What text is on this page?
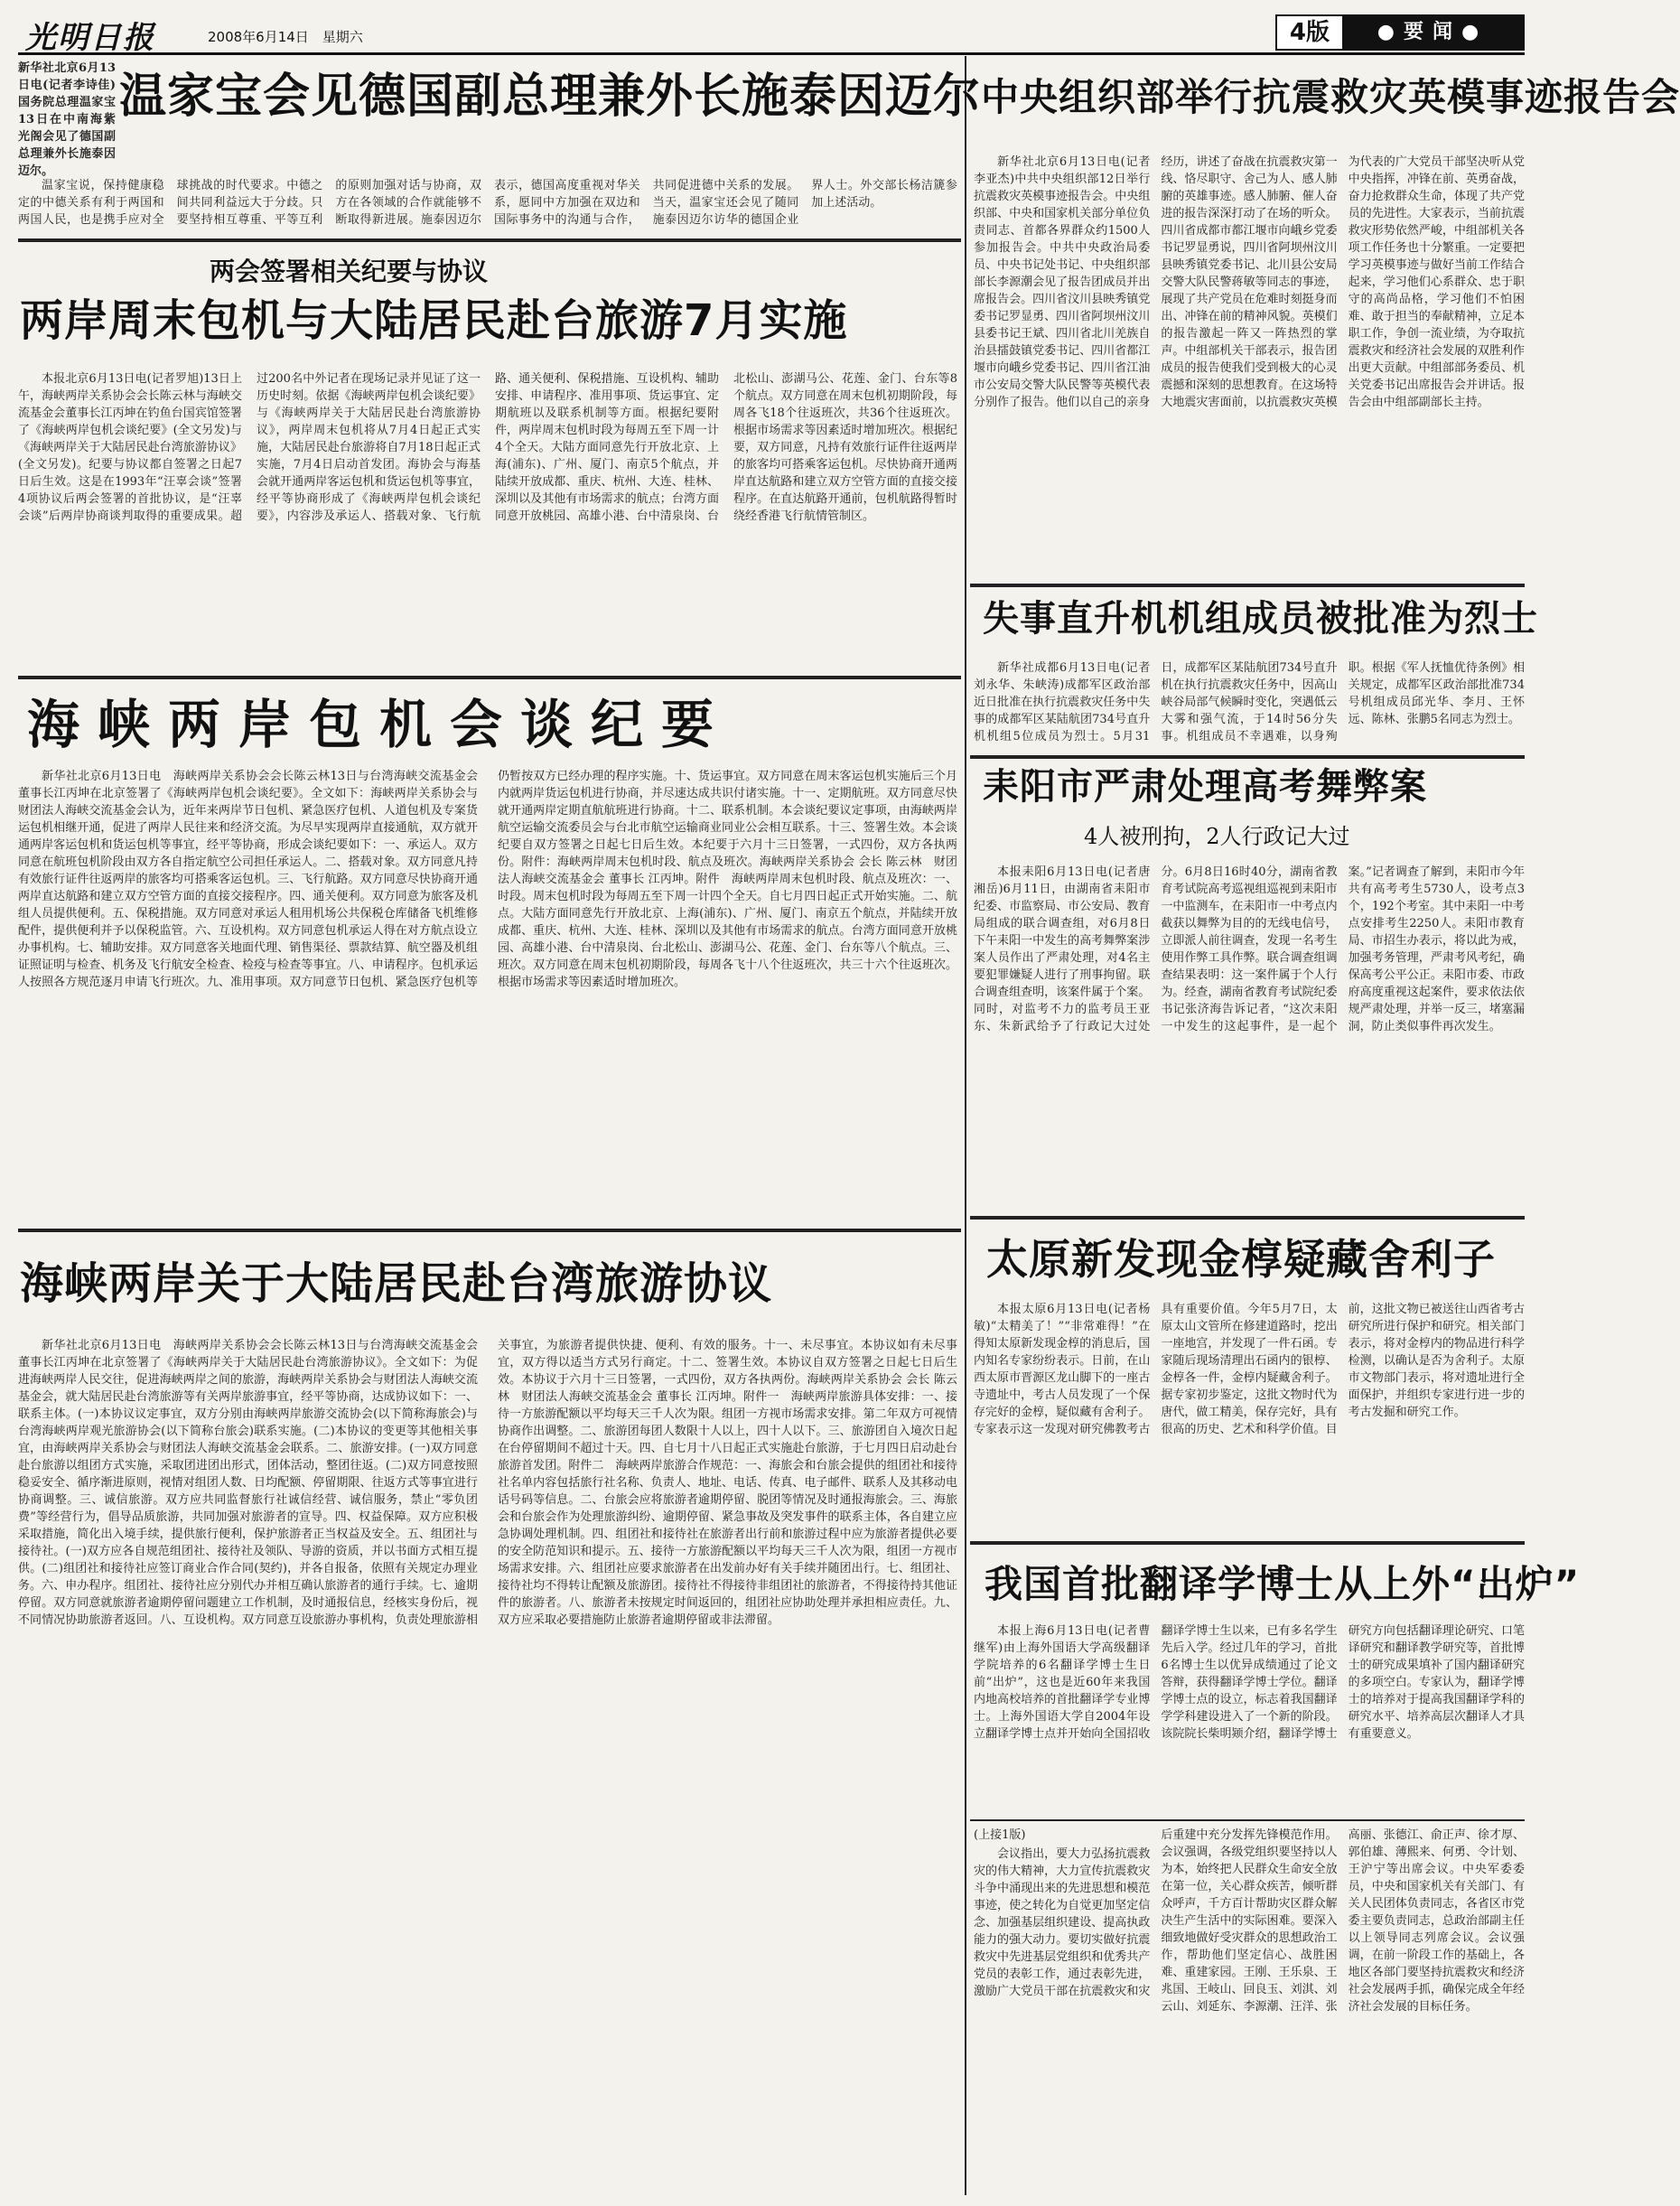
光明日报	2008年6月14日　星期六	4版	●要闻●
温家宝会见德国副总理兼外长施泰因迈尔

新华社北京6月13日电(记者李诗佳)国务院总理温家宝13日在中南海紫光阁会见了德国副总理兼外长施泰因迈尔。

温家宝说，保持健康稳定的中德关系有利于两国和两国人民，也是携手应对全球挑战的时代要求。中德之间共同利益远大于分歧。只要坚持相互尊重、平等互利的原则加强对话与协商，双方在各领域的合作就能够不断取得新进展。施泰因迈尔表示，德国高度重视对华关系，愿同中方加强在双边和国际事务中的沟通与合作，共同促进德中关系的发展。当天，温家宝还会见了随同施泰因迈尔访华的德国企业界人士。外交部长杨洁篪参加上述活动。

两会签署相关纪要与协议
两岸周末包机与大陆居民赴台旅游7月实施

本报北京6月13日电(记者罗旭)13日上午，海峡两岸关系协会会长陈云林与海峡交流基金会董事长江丙坤在钓鱼台国宾馆签署了《海峡两岸包机会谈纪要》(全文另发)与《海峡两岸关于大陆居民赴台湾旅游协议》(全文另发)。纪要与协议都自签署之日起7日后生效。这是在1993年“汪辜会谈”签署4项协议后两会签署的首批协议，是“汪辜会谈”后两岸协商谈判取得的重要成果。超过200名中外记者在现场记录并见证了这一历史时刻。依据《海峡两岸包机会谈纪要》与《海峡两岸关于大陆居民赴台湾旅游协议》，两岸周末包机将从7月4日起正式实施，大陆居民赴台旅游将自7月18日起正式实施，7月4日启动首发团。海协会与海基会就开通两岸客运包机和货运包机等事宜，经平等协商形成了《海峡两岸包机会谈纪要》，内容涉及承运人、搭载对象、飞行航路、通关便利、保税措施、互设机构、辅助安排、申请程序、准用事项、货运事宜、定期航班以及联系机制等方面。根据纪要附件，两岸周末包机时段为每周五至下周一计4个全天。大陆方面同意先行开放北京、上海(浦东)、广州、厦门、南京5个航点，并陆续开放成都、重庆、杭州、大连、桂林、深圳以及其他有市场需求的航点；台湾方面同意开放桃园、高雄小港、台中清泉岗、台北松山、澎湖马公、花莲、金门、台东等8个航点。双方同意在周末包机初期阶段，每周各飞18个往返班次，共36个往返班次。根据市场需求等因素适时增加班次。根据纪要，双方同意，凡持有效旅行证件往返两岸的旅客均可搭乘客运包机。尽快协商开通两岸直达航路和建立双方空管方面的直接交接程序。在直达航路开通前，包机航路得暂时绕经香港飞行航情管制区。

海峡两岸包机会谈纪要

新华社北京6月13日电　海峡两岸关系协会会长陈云林13日与台湾海峡交流基金会董事长江丙坤在北京签署了《海峡两岸包机会谈纪要》。全文如下：海峡两岸关系协会与财团法人海峡交流基金会认为，近年来两岸节日包机、紧急医疗包机、人道包机及专案货运包机相继开通，促进了两岸人民往来和经济交流。为尽早实现两岸直接通航，双方就开通两岸客运包机和货运包机等事宜，经平等协商，形成会谈纪要如下：一、承运人。双方同意在航班包机阶段由双方各自指定航空公司担任承运人。二、搭载对象。双方同意凡持有效旅行证件往返两岸的旅客均可搭乘客运包机。三、飞行航路。双方同意尽快协商开通两岸直达航路和建立双方空管方面的直接交接程序。四、通关便利。双方同意为旅客及机组人员提供便利。五、保税措施。双方同意对承运人租用机场公共保税仓库储备飞机维修配件，提供便利并予以保税监管。六、互设机构。双方同意包机承运人得在对方航点设立办事机构。七、辅助安排。双方同意客关地面代理、销售渠径、票款结算、航空器及机组证照证明与检查、机务及飞行航安全检查、检疫与检查等事宜。八、申请程序。包机承运人按照各方规范逐月申请飞行班次。九、准用事项。双方同意节日包机、紧急医疗包机等仍暂按双方已经办理的程序实施。十、货运事宜。双方同意在周末客运包机实施后三个月内就两岸货运包机进行协商，并尽速达成共识付诸实施。十一、定期航班。双方同意尽快就开通两岸定期直航航班进行协商。十二、联系机制。本会谈纪要议定事项，由海峡两岸航空运输交流委员会与台北市航空运输商业同业公会相互联系。十三、签署生效。本会谈纪要自双方签署之日起七日后生效。本纪要于六月十三日签署，一式四份，双方各执两份。附件：海峡两岸周末包机时段、航点及班次。海峡两岸关系协会 会长 陈云林　财团法人海峡交流基金会 董事长 江丙坤。附件　海峡两岸周末包机时段、航点及班次：一、时段。周末包机时段为每周五至下周一计四个全天。自七月四日起正式开始实施。二、航点。大陆方面同意先行开放北京、上海(浦东)、广州、厦门、南京五个航点，并陆续开放成都、重庆、杭州、大连、桂林、深圳以及其他有市场需求的航点。台湾方面同意开放桃园、高雄小港、台中清泉岗、台北松山、澎湖马公、花莲、金门、台东等八个航点。三、班次。双方同意在周末包机初期阶段，每周各飞十八个往返班次，共三十六个往返班次。根据市场需求等因素适时增加班次。

海峡两岸关于大陆居民赴台湾旅游协议

新华社北京6月13日电　海峡两岸关系协会会长陈云林13日与台湾海峡交流基金会董事长江丙坤在北京签署了《海峡两岸关于大陆居民赴台湾旅游协议》。全文如下：为促进海峡两岸人民交往，促进海峡两岸之间的旅游，海峡两岸关系协会与财团法人海峡交流基金会，就大陆居民赴台湾旅游等有关两岸旅游事宜，经平等协商，达成协议如下：一、联系主体。(一)本协议议定事宜，双方分别由海峡两岸旅游交流协会(以下简称海旅会)与台湾海峡两岸观光旅游协会(以下简称台旅会)联系实施。(二)本协议的变更等其他相关事宜，由海峡两岸关系协会与财团法人海峡交流基金会联系。二、旅游安排。(一)双方同意赴台旅游以组团方式实施，采取团进团出形式，团体活动，整团往返。(二)双方同意按照稳妥安全、循序渐进原则，视情对组团人数、日均配额、停留期限、往返方式等事宜进行协商调整。三、诚信旅游。双方应共同监督旅行社诚信经营、诚信服务，禁止“零负团费”等经营行为，倡导品质旅游，共同加强对旅游者的宣导。四、权益保障。双方应积极采取措施，简化出入境手续，提供旅行便利，保护旅游者正当权益及安全。五、组团社与接待社。(一)双方应各自规范组团社、接待社及领队、导游的资质，并以书面方式相互提供。(二)组团社和接待社应签订商业合作合同(契约)，并各自报备，依照有关规定办理业务。六、申办程序。组团社、接待社应分别代办并相互确认旅游者的通行手续。七、逾期停留。双方同意就旅游者逾期停留问题建立工作机制，及时通报信息，经核实身份后，视不同情况协助旅游者返回。八、互设机构。双方同意互设旅游办事机构，负责处理旅游相关事宜，为旅游者提供快捷、便利、有效的服务。十一、未尽事宜。本协议如有未尽事宜，双方得以适当方式另行商定。十二、签署生效。本协议自双方签署之日起七日后生效。本协议于六月十三日签署，一式四份，双方各执两份。海峡两岸关系协会 会长 陈云林　财团法人海峡交流基金会 董事长 江丙坤。附件一　海峡两岸旅游具体安排：一、接待一方旅游配额以平均每天三千人次为限。组团一方视市场需求安排。第二年双方可视情协商作出调整。二、旅游团每团人数限十人以上，四十人以下。三、旅游团自入境次日起在台停留期间不超过十天。四、自七月十八日起正式实施赴台旅游，于七月四日启动赴台旅游首发团。附件二　海峡两岸旅游合作规范：一、海旅会和台旅会提供的组团社和接待社名单内容包括旅行社名称、负责人、地址、电话、传真、电子邮件、联系人及其移动电话号码等信息。二、台旅会应将旅游者逾期停留、脱团等情况及时通报海旅会。三、海旅会和台旅会作为处理旅游纠纷、逾期停留、紧急事故及突发事件的联系主体，各自建立应急协调处理机制。四、组团社和接待社在旅游者出行前和旅游过程中应为旅游者提供必要的安全防范知识和提示。五、接待一方旅游配额以平均每天三千人次为限，组团一方视市场需求安排。六、组团社应要求旅游者在出发前办好有关手续并随团出行。七、组团社、接待社均不得转让配额及旅游团。接待社不得接待非组团社的旅游者，不得接待持其他证件的旅游者。八、旅游者未按规定时间返回的，组团社应协助处理并承担相应责任。九、双方应采取必要措施防止旅游者逾期停留或非法滞留。

中央组织部举行抗震救灾英模事迹报告会

新华社北京6月13日电(记者李亚杰)中共中央组织部12日举行抗震救灾英模事迹报告会。中央组织部、中央和国家机关部分单位负责同志、首都各界群众约1500人参加报告会。中共中央政治局委员、中央书记处书记、中央组织部部长李源潮会见了报告团成员并出席报告会。四川省汶川县映秀镇党委书记罗显勇、四川省阿坝州汶川县委书记王斌、四川省北川羌族自治县擂鼓镇党委书记、四川省都江堰市向峨乡党委书记、四川省江油市公安局交警大队民警等英模代表分别作了报告。他们以自己的亲身经历，讲述了奋战在抗震救灾第一线、恪尽职守、舍己为人、感人肺腑的英雄事迹。感人肺腑、催人奋进的报告深深打动了在场的听众。四川省成都市都江堰市向峨乡党委书记罗显勇说，四川省阿坝州汶川县映秀镇党委书记、北川县公安局交警大队民警蒋敏等同志的事迹，展现了共产党员在危难时刻挺身而出、冲锋在前的精神风貌。英模们的报告激起一阵又一阵热烈的掌声。中组部机关干部表示，报告团成员的报告使我们受到极大的心灵震撼和深刻的思想教育。在这场特大地震灾害面前，以抗震救灾英模为代表的广大党员干部坚决听从党中央指挥，冲锋在前、英勇奋战，奋力抢救群众生命，体现了共产党员的先进性。大家表示，当前抗震救灾形势依然严峻，中组部机关各项工作任务也十分繁重。一定要把学习英模事迹与做好当前工作结合起来，学习他们心系群众、忠于职守的高尚品格，学习他们不怕困难、敢于担当的奉献精神，立足本职工作，争创一流业绩，为夺取抗震救灾和经济社会发展的双胜利作出更大贡献。中组部部务委员、机关党委书记出席报告会并讲话。报告会由中组部副部长主持。

失事直升机机组成员被批准为烈士

新华社成都6月13日电(记者刘永华、朱峡涛)成都军区政治部近日批准在执行抗震救灾任务中失事的成都军区某陆航团734号直升机机组5位成员为烈士。5月31日，成都军区某陆航团734号直升机在执行抗震救灾任务中，因高山峡谷局部气候瞬时变化，突遇低云大雾和强气流，于14时56分失事。机组成员不幸遇难，以身殉职。根据《军人抚恤优待条例》相关规定，成都军区政治部批准734号机组成员邱光华、李月、王怀远、陈林、张鹏5名同志为烈士。

耒阳市严肃处理高考舞弊案
4人被刑拘，2人行政记大过

本报耒阳6月13日电(记者唐湘岳)6月11日，由湖南省耒阳市纪委、市监察局、市公安局、教育局组成的联合调查组，对6月8日下午耒阳一中发生的高考舞弊案涉案人员作出了严肃处理，对4名主要犯罪嫌疑人进行了刑事拘留。联合调查组查明，该案件属于个案。同时，对监考不力的监考员王亚东、朱新武给予了行政记大过处分。6月8日16时40分，湖南省教育考试院高考巡视组巡视到耒阳市一中监测车，在耒阳市一中考点内截获以舞弊为目的的无线电信号，立即派人前往调查，发现一名考生使用作弊工具作弊。联合调查组调查结果表明：这一案件属于个人行为。经查，湖南省教育考试院纪委书记张济海告诉记者，“这次耒阳一中发生的这起事件，是一起个案。”记者调查了解到，耒阳市今年共有高考考生5730人，设考点3个，192个考室。其中耒阳一中考点安排考生2250人。耒阳市教育局、市招生办表示，将以此为戒，加强考务管理，严肃考风考纪，确保高考公平公正。耒阳市委、市政府高度重视这起案件，要求依法依规严肃处理，并举一反三，堵塞漏洞，防止类似事件再次发生。

太原新发现金椁疑藏舍利子

本报太原6月13日电(记者杨敏)“太精美了！”“非常难得！”在得知太原新发现金椁的消息后，国内知名专家纷纷表示。日前，在山西太原市晋源区龙山脚下的一座古寺遗址中，考古人员发现了一个保存完好的金椁，疑似藏有舍利子。专家表示这一发现对研究佛教考古具有重要价值。今年5月7日，太原太山文管所在修建道路时，挖出一座地宫，并发现了一件石函。专家随后现场清理出石函内的银椁、金椁各一件，金椁内疑藏舍利子。据专家初步鉴定，这批文物时代为唐代，做工精美，保存完好，具有很高的历史、艺术和科学价值。目前，这批文物已被送往山西省考古研究所进行保护和研究。相关部门表示，将对金椁内的物品进行科学检测，以确认是否为舍利子。太原市文物部门表示，将对遗址进行全面保护，并组织专家进行进一步的考古发掘和研究工作。

我国首批翻译学博士从上外“出炉”

本报上海6月13日电(记者曹继军)由上海外国语大学高级翻译学院培养的6名翻译学博士生日前“出炉”，这也是近60年来我国内地高校培养的首批翻译学专业博士。上海外国语大学自2004年设立翻译学博士点并开始向全国招收翻译学博士生以来，已有多名学生先后入学。经过几年的学习，首批6名博士生以优异成绩通过了论文答辩，获得翻译学博士学位。翻译学博士点的设立，标志着我国翻译学学科建设进入了一个新的阶段。该院院长柴明颎介绍，翻译学博士研究方向包括翻译理论研究、口笔译研究和翻译教学研究等，首批博士的研究成果填补了国内翻译研究的多项空白。专家认为，翻译学博士的培养对于提高我国翻译学科的研究水平、培养高层次翻译人才具有重要意义。

(上接1版)

会议指出，要大力弘扬抗震救灾的伟大精神，大力宣传抗震救灾斗争中涌现出来的先进思想和模范事迹，使之转化为自觉更加坚定信念、加强基层组织建设、提高执政能力的强大动力。要切实做好抗震救灾中先进基层党组织和优秀共产党员的表彰工作，通过表彰先进，激励广大党员干部在抗震救灾和灾后重建中充分发挥先锋模范作用。会议强调，各级党组织要坚持以人为本，始终把人民群众生命安全放在第一位，关心群众疾苦，倾听群众呼声，千方百计帮助灾区群众解决生产生活中的实际困难。要深入细致地做好受灾群众的思想政治工作，帮助他们坚定信心、战胜困难、重建家园。王刚、王乐泉、王兆国、王岐山、回良玉、刘淇、刘云山、刘延东、李源潮、汪洋、张高丽、张德江、俞正声、徐才厚、郭伯雄、薄熙来、何勇、令计划、王沪宁等出席会议。中央军委委员，中央和国家机关有关部门、有关人民团体负责同志，各省区市党委主要负责同志，总政治部副主任以上领导同志列席会议。会议强调，在前一阶段工作的基础上，各地区各部门要坚持抗震救灾和经济社会发展两手抓，确保完成全年经济社会发展的目标任务。
